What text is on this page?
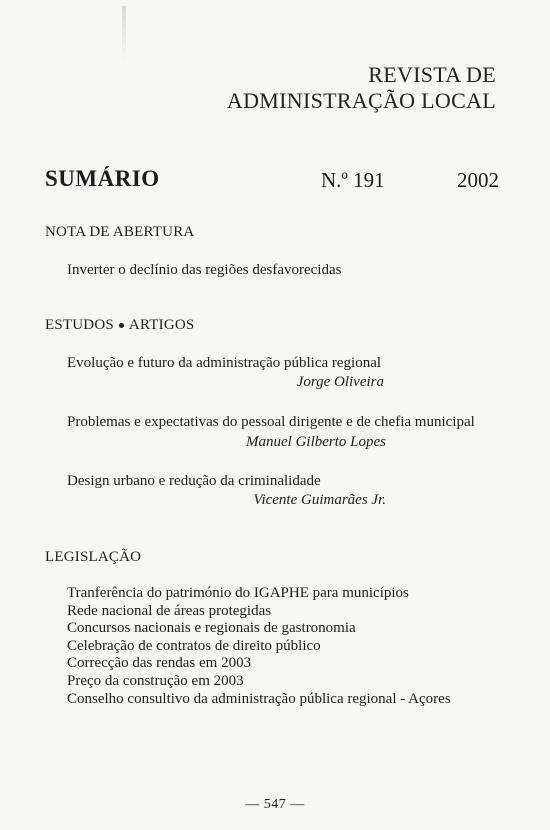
REVISTA DE
ADMINISTRAÇÃO LOCAL
SUMÁRIO	N.º 191	2002
NOTA DE ABERTURA
Inverter o declínio das regiões desfavorecidas
ESTUDOS ARTIGOS
Evolução e futuro da administração pública regional
Jorge Oliveira
Problemas e expectativas do pessoal dirigente e de chefia municipal
Manuel Gilberto Lopes
Design urbano e redução da criminalidade
Vicente Guimarães Jr.
LEGISLAÇÃO
Tranferência do património do IGAPHE para municípios
Rede nacional de áreas protegidas
Concursos nacionais e regionais de gastronomia
Celebração de contratos de direito público
Correcção das rendas em 2003
Preço da construção em 2003
Conselho consultivo da administração pública regional - Açores
— 547 —
